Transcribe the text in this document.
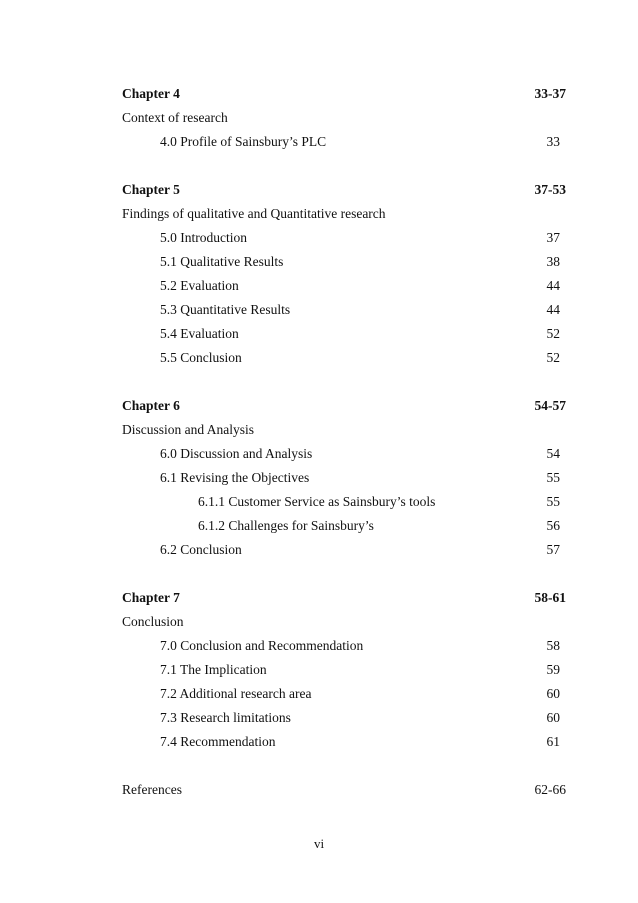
Chapter 4	33-37
Context of research
4.0 Profile of Sainsbury’s PLC	33
Chapter 5	37-53
Findings of qualitative and Quantitative research
5.0 Introduction	37
5.1 Qualitative Results	38
5.2 Evaluation	44
5.3 Quantitative Results	44
5.4 Evaluation	52
5.5 Conclusion	52
Chapter 6	54-57
Discussion and Analysis
6.0 Discussion and Analysis	54
6.1 Revising the Objectives	55
6.1.1 Customer Service as Sainsbury’s tools	55
6.1.2 Challenges for Sainsbury’s	56
6.2 Conclusion	57
Chapter 7	58-61
Conclusion
7.0 Conclusion and Recommendation	58
7.1 The Implication	59
7.2 Additional research area	60
7.3 Research limitations	60
7.4 Recommendation	61
References	62-66
vi
